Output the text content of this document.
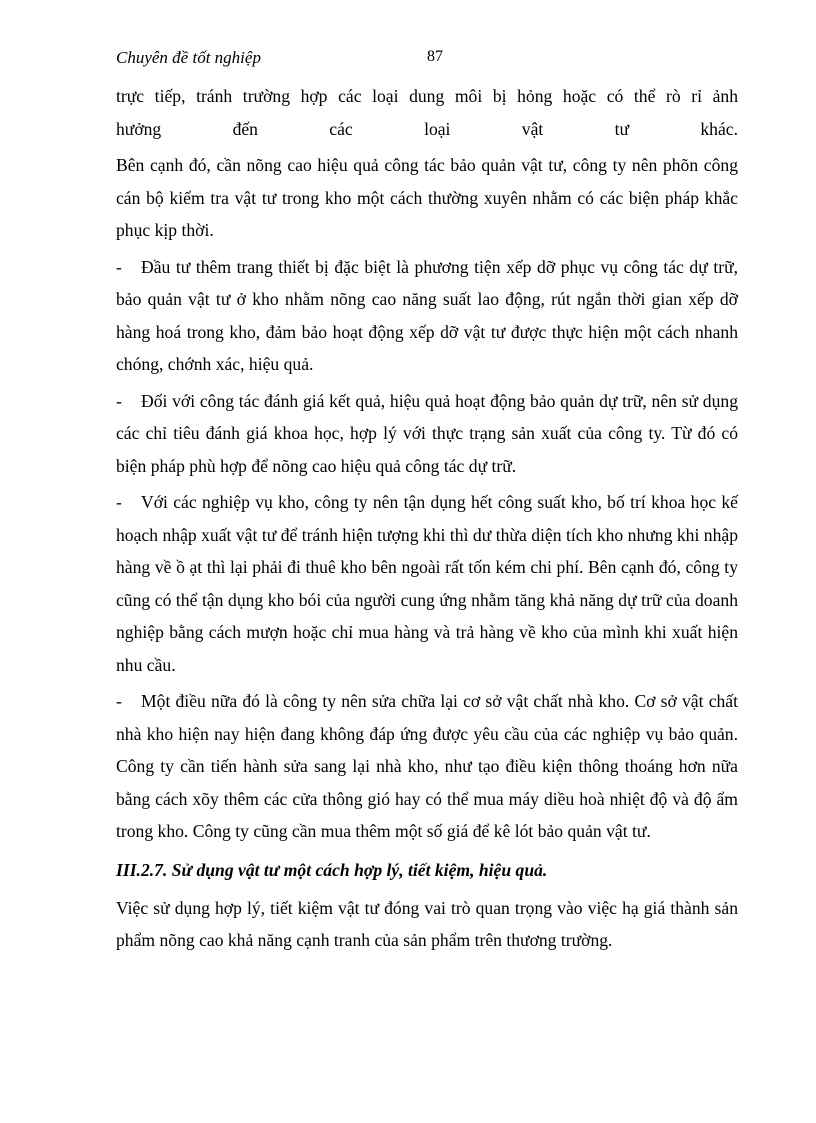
Chuyên đề tốt nghiệp	87

trực tiếp, tránh trường hợp các loại dung môi bị hỏng hoặc có thể rò rỉ ảnh

hưởng đến các loại vật tư khác.

Bên cạnh đó, cần nõng cao hiệu quả công tác bảo quản vật tư, công ty nên phõn công cán bộ kiểm tra vật tư trong kho một cách thường xuyên nhằm có các biện pháp khắc phục kịp thời.

- Đầu tư thêm trang thiết bị đặc biệt là phương tiện xếp dỡ phục vụ công tác dự trữ, bảo quản vật tư ở kho nhằm nõng cao năng suất lao động, rút ngắn thời gian xếp dỡ hàng hoá trong kho, đảm bảo hoạt động xếp dỡ vật tư được thực hiện một cách nhanh chóng, chớnh xác, hiệu quả.

- Đối với công tác đánh giá kết quả, hiệu quả hoạt động bảo quản dự trữ, nên sử dụng các chỉ tiêu đánh giá khoa học, hợp lý với thực trạng sản xuất của công ty. Từ đó có biện pháp phù hợp để nõng cao hiệu quả công tác dự trữ.

- Với các nghiệp vụ kho, công ty nên tận dụng hết công suất kho, bố trí khoa học kế hoạch nhập xuất vật tư để tránh hiện tượng khi thì dư thừa diện tích kho nhưng khi nhập hàng về ồ ạt thì lại phải đi thuê kho bên ngoài rất tốn kém chi phí. Bên cạnh đó, công ty cũng có thể tận dụng kho bói của người cung ứng nhằm tăng khả năng dự trữ của doanh nghiệp bằng cách mượn hoặc chỉ mua hàng và trả hàng về kho của mình khi xuất hiện nhu cầu.

- Một điều nữa đó là công ty nên sửa chữa lại cơ sở vật chất nhà kho. Cơ sở vật chất nhà kho hiện nay hiện đang không đáp ứng được yêu cầu của các nghiệp vụ bảo quản. Công ty cần tiến hành sửa sang lại nhà kho, như tạo điều kiện thông thoáng hơn nữa bằng cách xõy thêm các cửa thông gió hay có thể mua máy diều hoà nhiệt độ và độ ẩm trong kho. Công ty cũng cần mua thêm một số giá để kê lót bảo quản vật tư.

III.2.7. Sử dụng vật tư một cách hợp lý, tiết kiệm, hiệu quả.

Việc sử dụng hợp lý, tiết kiệm vật tư đóng vai trò quan trọng vào việc hạ giá thành sản phẩm nõng cao khả năng cạnh tranh của sản phẩm trên thương trường.
